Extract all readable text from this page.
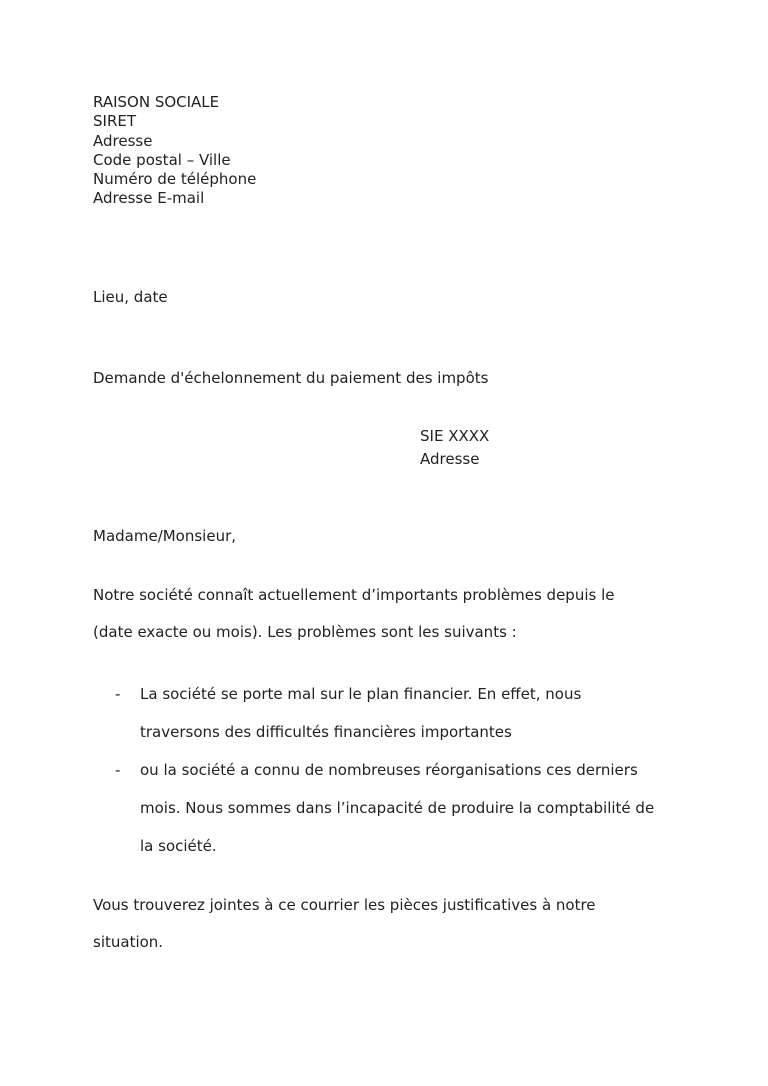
RAISON SOCIALE
SIRET
Adresse
Code postal – Ville
Numéro de téléphone
Adresse E-mail
Lieu, date
Demande d'échelonnement du paiement des impôts
SIE XXXX
Adresse
Madame/Monsieur,
Notre société connaît actuellement d’importants problèmes depuis le
(date exacte ou mois). Les problèmes sont les suivants :
-	La société se porte mal sur le plan financier. En effet, nous
traversons des difficultés financières importantes
-	ou la société a connu de nombreuses réorganisations ces derniers
mois. Nous sommes dans l’incapacité de produire la comptabilité de
la société.
Vous trouverez jointes à ce courrier les pièces justificatives à notre
situation.
